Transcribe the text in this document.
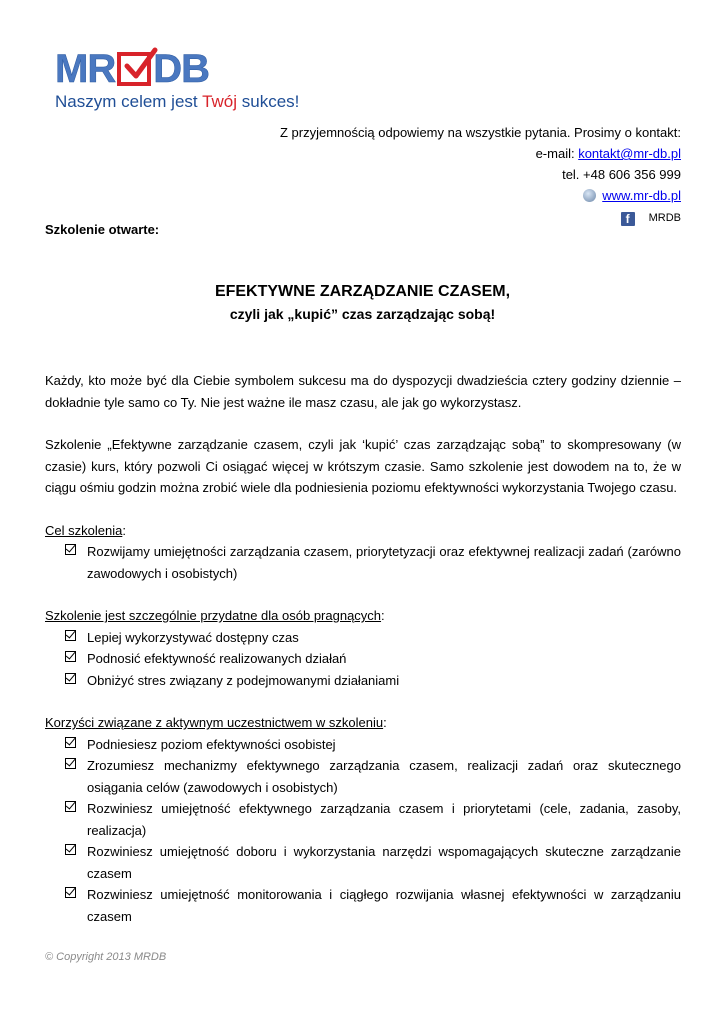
MR DB
Naszym celem jest Twój sukces!
Z przyjemnością odpowiemy na wszystkie pytania. Prosimy o kontakt:
e-mail: kontakt@mr-db.pl
tel. +48 606 356 999
www.mr-db.pl
f MRDB
Szkolenie otwarte:
EFEKTYWNE ZARZĄDZANIE CZASEM,
czyli jak „kupić” czas zarządzając sobą!

Każdy, kto może być dla Ciebie symbolem sukcesu ma do dyspozycji dwadzieścia cztery godziny dziennie – dokładnie tyle samo co Ty. Nie jest ważne ile masz czasu, ale jak go wykorzystasz.

Szkolenie „Efektywne zarządzanie czasem, czyli jak ‘kupić’ czas zarządzając sobą” to skompresowany (w czasie) kurs, który pozwoli Ci osiągać więcej w krótszym czasie. Samo szkolenie jest dowodem na to, że w ciągu ośmiu godzin można zrobić wiele dla podniesienia poziomu efektywności wykorzystania Twojego czasu.

Cel szkolenia:

Rozwijamy umiejętności zarządzania czasem, priorytetyzacji oraz efektywnej realizacji zadań (zarówno zawodowych i osobistych)

Szkolenie jest szczególnie przydatne dla osób pragnących:

Lepiej wykorzystywać dostępny czas
Podnosić efektywność realizowanych działań
Obniżyć stres związany z podejmowanymi działaniami

Korzyści związane z aktywnym uczestnictwem w szkoleniu:

Podniesiesz poziom efektywności osobistej
Zrozumiesz mechanizmy efektywnego zarządzania czasem, realizacji zadań oraz skutecznego osiągania celów (zawodowych i osobistych)
Rozwiniesz umiejętność efektywnego zarządzania czasem i priorytetami (cele, zadania, zasoby, realizacja)
Rozwiniesz umiejętność doboru i wykorzystania narzędzi wspomagających skuteczne zarządzanie czasem
Rozwiniesz umiejętność monitorowania i ciągłego rozwijania własnej efektywności w zarządzaniu czasem
© Copyright 2013 MRDB
